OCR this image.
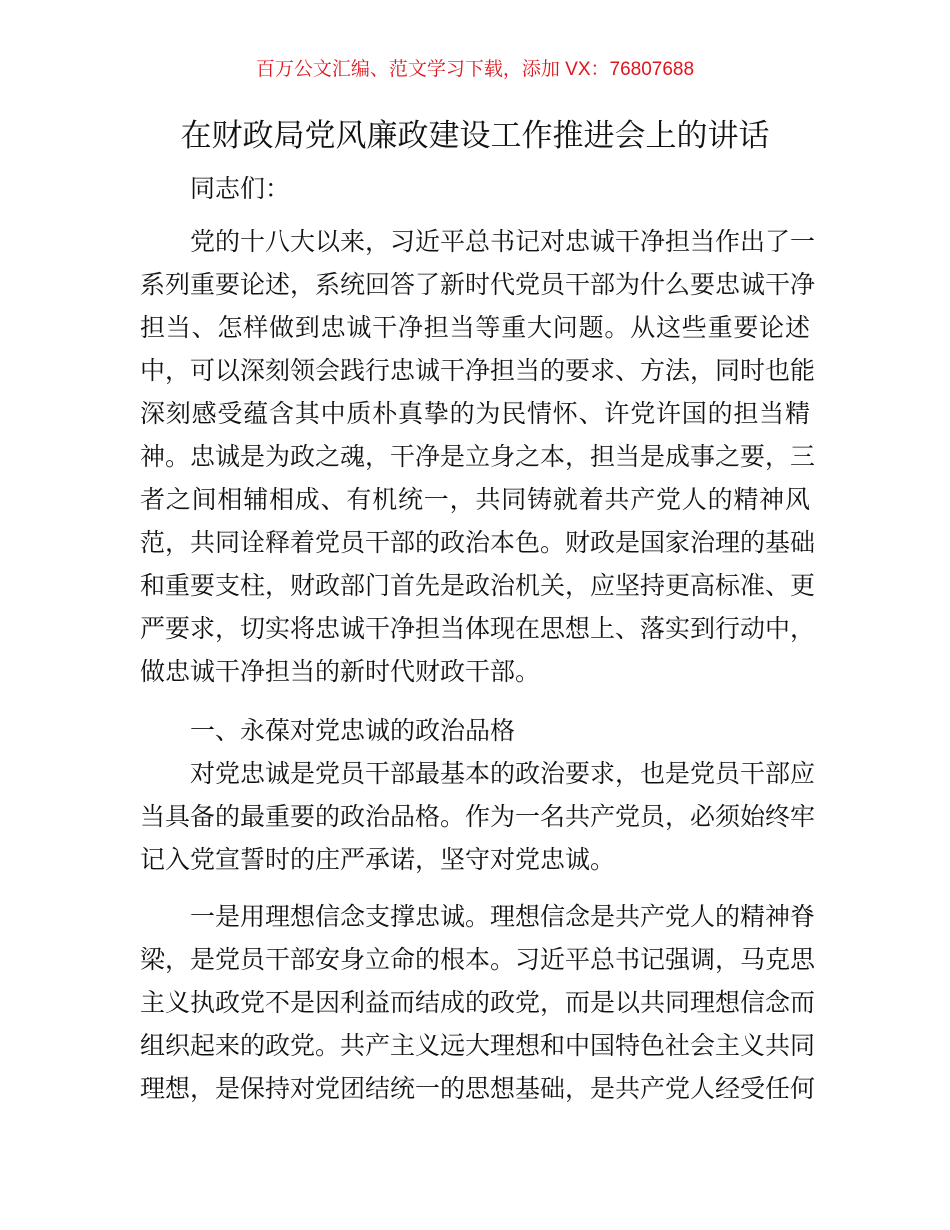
百万公文汇编、范文学习下载，添加 VX：76807688
在财政局党风廉政建设工作推进会上的讲话
同志们：
党的十八大以来，习近平总书记对忠诚干净担当作出了一
系列重要论述，系统回答了新时代党员干部为什么要忠诚干净
担当、怎样做到忠诚干净担当等重大问题。从这些重要论述
中，可以深刻领会践行忠诚干净担当的要求、方法，同时也能
深刻感受蕴含其中质朴真挚的为民情怀、许党许国的担当精
神。忠诚是为政之魂，干净是立身之本，担当是成事之要，三
者之间相辅相成、有机统一，共同铸就着共产党人的精神风
范，共同诠释着党员干部的政治本色。财政是国家治理的基础
和重要支柱，财政部门首先是政治机关，应坚持更高标准、更
严要求，切实将忠诚干净担当体现在思想上、落实到行动中，
做忠诚干净担当的新时代财政干部。
一、永葆对党忠诚的政治品格
对党忠诚是党员干部最基本的政治要求，也是党员干部应
当具备的最重要的政治品格。作为一名共产党员，必须始终牢
记入党宣誓时的庄严承诺，坚守对党忠诚。
一是用理想信念支撑忠诚。理想信念是共产党人的精神脊
梁，是党员干部安身立命的根本。习近平总书记强调，马克思
主义执政党不是因利益而结成的政党，而是以共同理想信念而
组织起来的政党。共产主义远大理想和中国特色社会主义共同
理想，是保持对党团结统一的思想基础，是共产党人经受任何
